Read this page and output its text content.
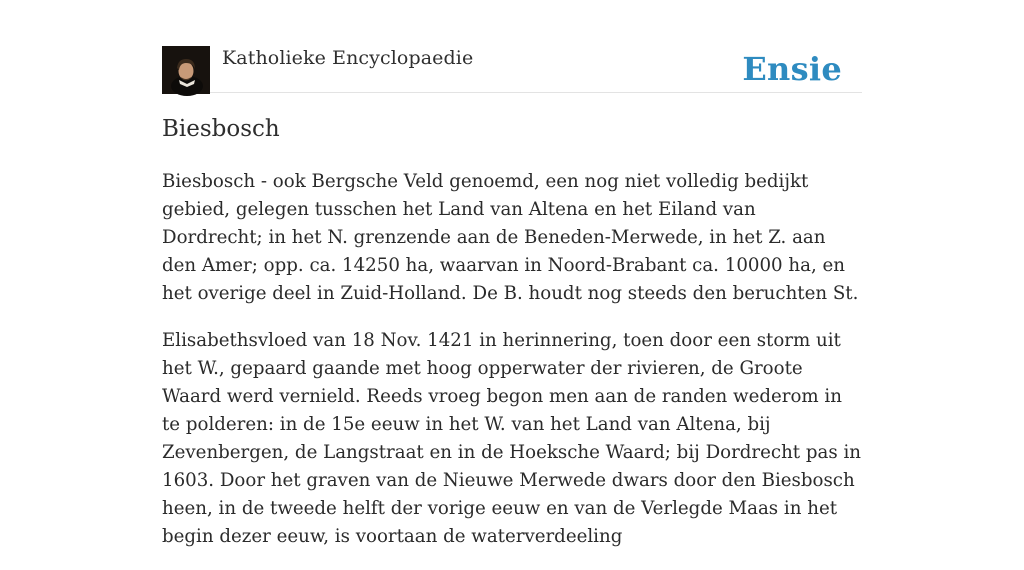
Katholieke Encyclopaedie	Ensie
Biesbosch

Biesbosch - ook Bergsche Veld genoemd, een nog niet volledig bedijkt gebied, gelegen tusschen het Land van Altena en het Eiland van Dordrecht; in het N. grenzende aan de Beneden-Merwede, in het Z. aan den Amer; opp. ca. 14250 ha, waarvan in Noord-Brabant ca. 10000 ha, en het overige deel in Zuid-Holland. De B. houdt nog steeds den beruchten St.

Elisabethsvloed van 18 Nov. 1421 in herinnering, toen door een storm uit het W., gepaard gaande met hoog opperwater der rivieren, de Groote Waard werd vernield. Reeds vroeg begon men aan de randen wederom in te polderen: in de 15e eeuw in het W. van het Land van Altena, bij Zevenbergen, de Langstraat en in de Hoeksche Waard; bij Dordrecht pas in 1603. Door het graven van de Nieuwe Merwede dwars door den Biesbosch heen, in de tweede helft der vorige eeuw en van de Verlegde Maas in het begin dezer eeuw, is voortaan de waterverdeeling
